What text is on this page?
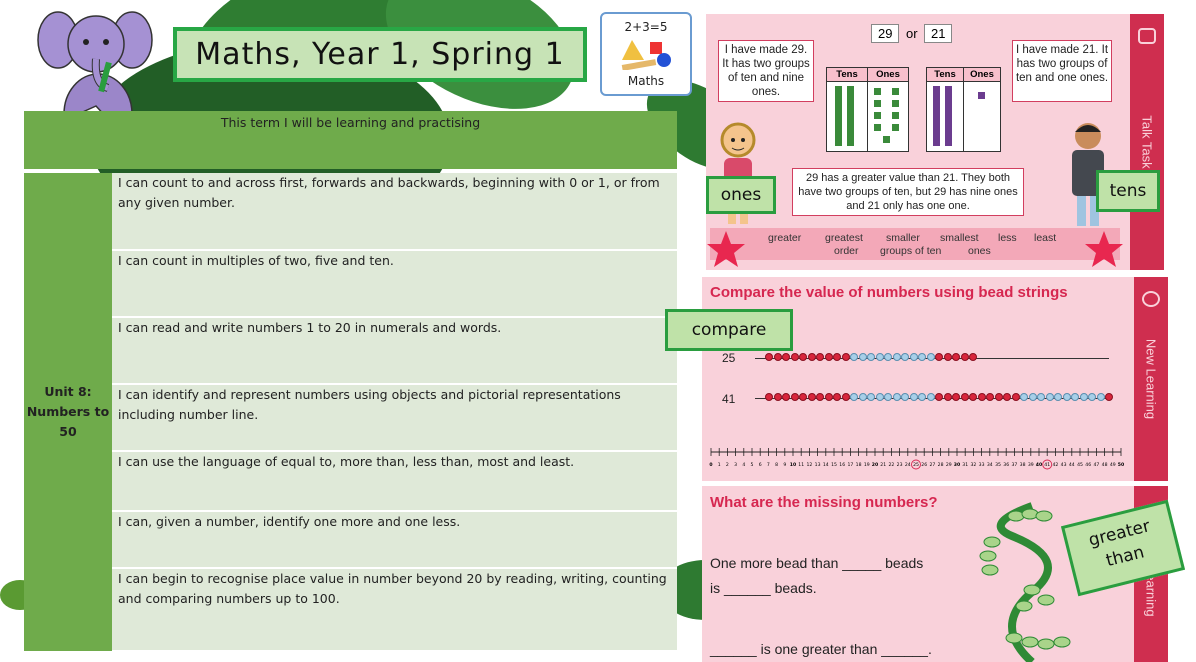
Maths, Year 1, Spring 1
2+3=5
Maths
This term I will be learning and practising

Unit 8: Numbers to 50	I can count to and across first, forwards and backwards, beginning with 0 or 1, or from any given number.
I can count in multiples of two, five and ten.
I can read and write numbers 1 to 20 in numerals and words.
I can identify and represent numbers using objects and pictorial representations including number line.
I can use the language of equal to, more than, less than, most and least.
I can, given a number, identify one more and one less.
I can begin to recognise place value in number beyond 20 by reading, writing, counting and comparing numbers up to 100.
Talk Task
29	or	21
I have made 29. It has two groups of ten and nine ones.
I have made 21. It has two groups of ten and one ones.
Tens	Ones
		Tens	Ones

29 has a greater value than 21. They both have two groups of ten, but 29 has nine ones and 21 only has one one.
greater greatest smaller smallest less least
order groups of ten	ones
New Learning
Compare the value of numbers using bead strings
25
41
0 1 2 3 4 5 6 7 8 9 10 11 12 13 14 15 16 17 18 19 20 21 22 23 24 25 26 27 28 29 30 31 32 33 34 35 36 37 38 39 40 41 42 43 44 45 46 47 48 49 50
What are the missing numbers?
One more bead than _____ beads
is ______ beads.
______ is one greater than ______.
ones	tens
compare
greater than
